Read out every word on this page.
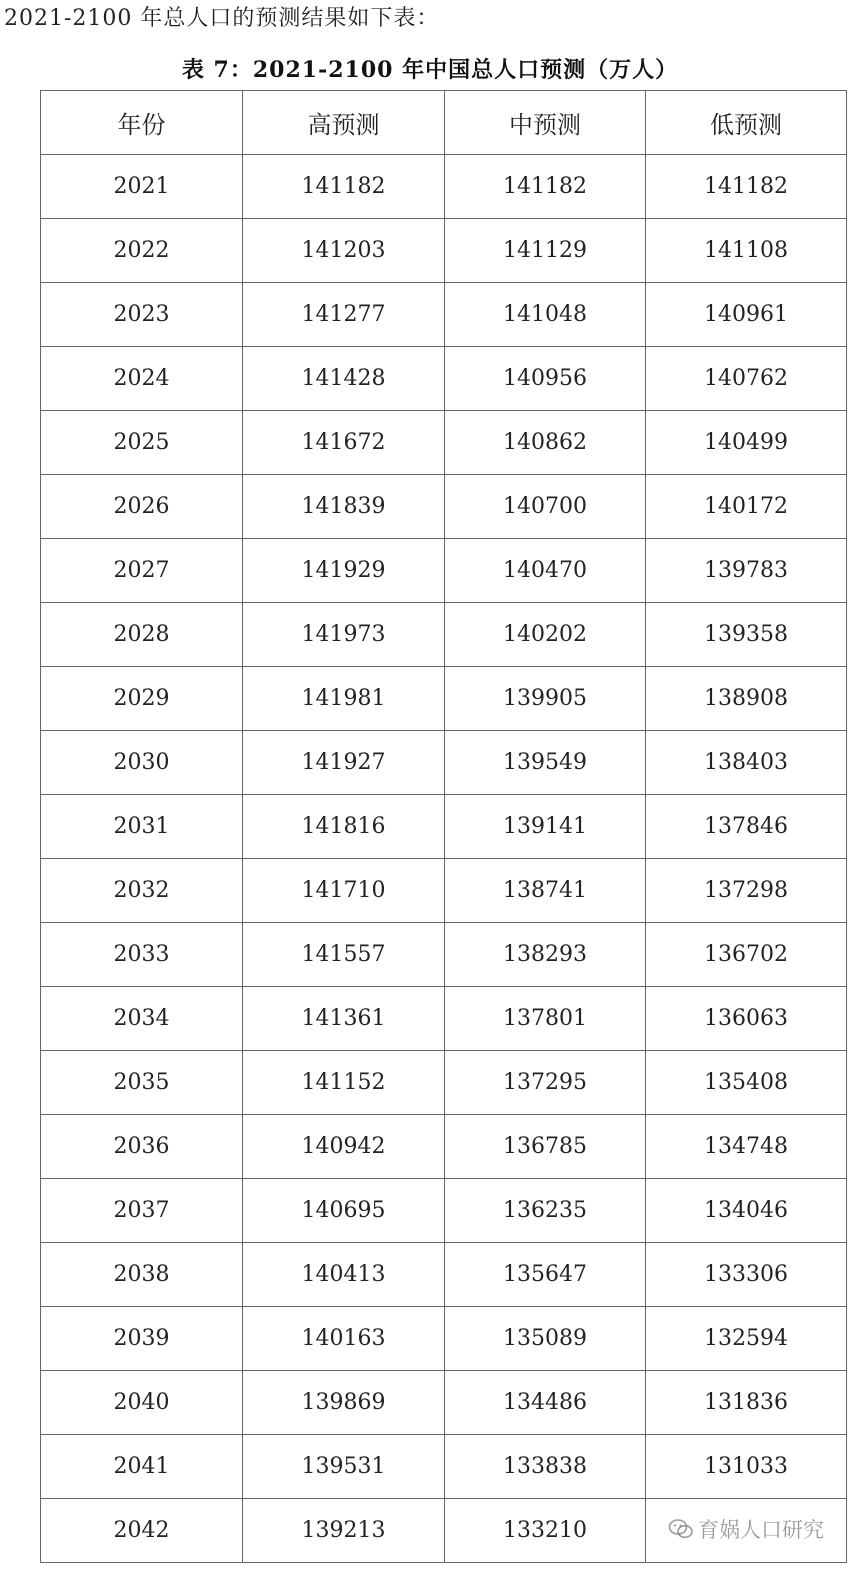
2021-2100 年总人口的预测结果如下表：
表 7：2021-2100 年中国总人口预测（万人）
年份	高预测	中预测	低预测
2021	141182	141182	141182
2022	141203	141129	141108
2023	141277	141048	140961
2024	141428	140956	140762
2025	141672	140862	140499
2026	141839	140700	140172
2027	141929	140470	139783
2028	141973	140202	139358
2029	141981	139905	138908
2030	141927	139549	138403
2031	141816	139141	137846
2032	141710	138741	137298
2033	141557	138293	136702
2034	141361	137801	136063
2035	141152	137295	135408
2036	140942	136785	134748
2037	140695	136235	134046
2038	140413	135647	133306
2039	140163	135089	132594
2040	139869	134486	131836
2041	139531	133838	131033
2042	139213	133210		育娲人口研究
